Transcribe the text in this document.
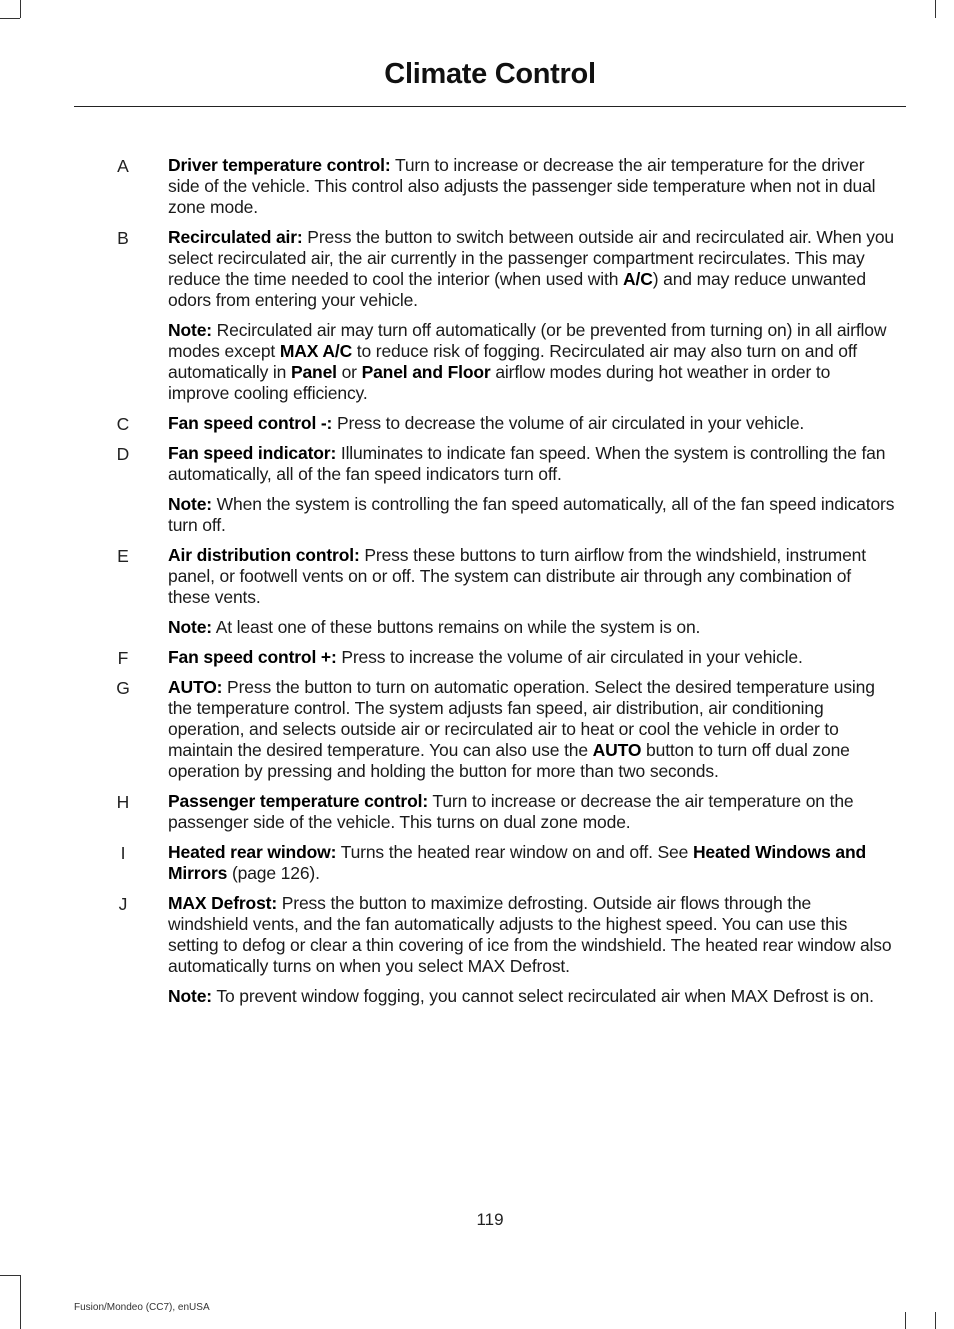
Climate Control
A Driver temperature control: Turn to increase or decrease the air temperature for the driver side of the vehicle. This control also adjusts the passenger side temperature when not in dual zone mode.
B Recirculated air: Press the button to switch between outside air and recirculated air. When you select recirculated air, the air currently in the passenger compartment recirculates. This may reduce the time needed to cool the interior (when used with A/C) and may reduce unwanted odors from entering your vehicle.
Note: Recirculated air may turn off automatically (or be prevented from turning on) in all airflow modes except MAX A/C to reduce risk of fogging. Recirculated air may also turn on and off automatically in Panel or Panel and Floor airflow modes during hot weather in order to improve cooling efficiency.
C Fan speed control -: Press to decrease the volume of air circulated in your vehicle.
D Fan speed indicator: Illuminates to indicate fan speed. When the system is controlling the fan automatically, all of the fan speed indicators turn off.
Note: When the system is controlling the fan speed automatically, all of the fan speed indicators turn off.
E Air distribution control: Press these buttons to turn airflow from the windshield, instrument panel, or footwell vents on or off. The system can distribute air through any combination of these vents.
Note: At least one of these buttons remains on while the system is on.
F Fan speed control +: Press to increase the volume of air circulated in your vehicle.
G AUTO: Press the button to turn on automatic operation. Select the desired temperature using the temperature control. The system adjusts fan speed, air distribution, air conditioning operation, and selects outside air or recirculated air to heat or cool the vehicle in order to maintain the desired temperature. You can also use the AUTO button to turn off dual zone operation by pressing and holding the button for more than two seconds.
H Passenger temperature control: Turn to increase or decrease the air temperature on the passenger side of the vehicle. This turns on dual zone mode.
I Heated rear window: Turns the heated rear window on and off. See Heated Windows and Mirrors (page 126).
J MAX Defrost: Press the button to maximize defrosting. Outside air flows through the windshield vents, and the fan automatically adjusts to the highest speed. You can use this setting to defog or clear a thin covering of ice from the windshield. The heated rear window also automatically turns on when you select MAX Defrost.
Note: To prevent window fogging, you cannot select recirculated air when MAX Defrost is on.
119
Fusion/Mondeo (CC7), enUSA
